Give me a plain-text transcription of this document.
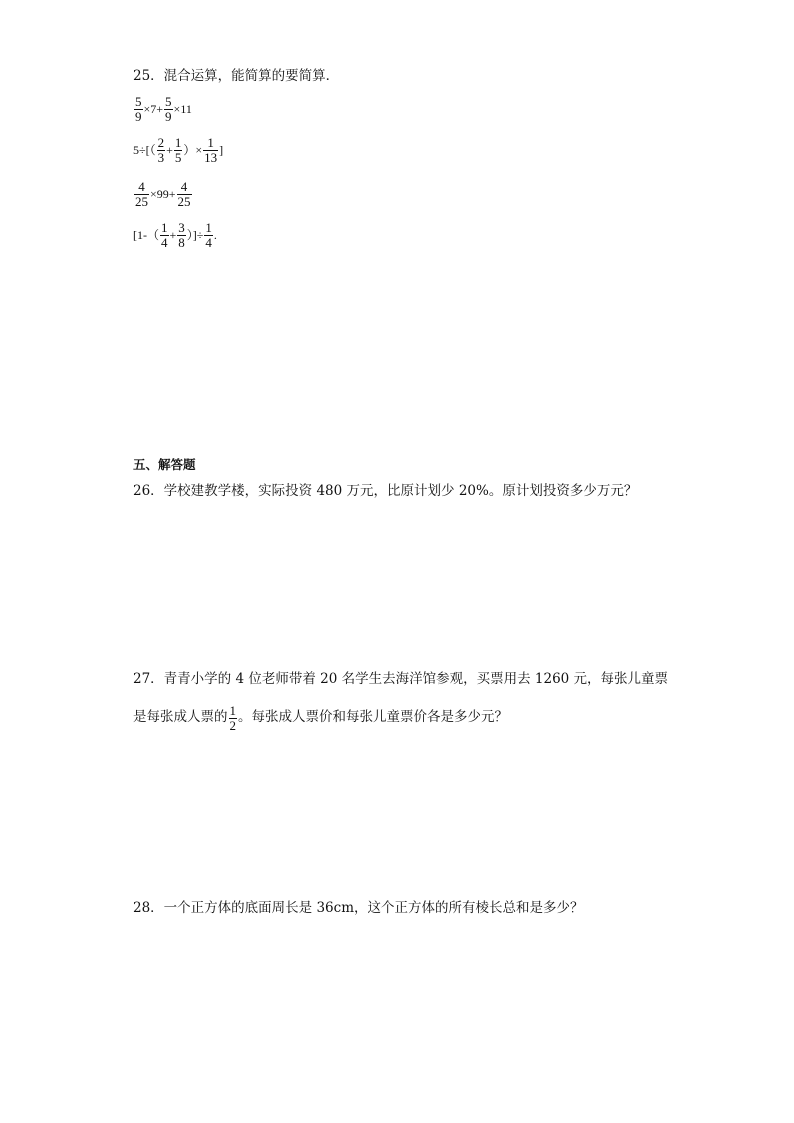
25．混合运算，能简算的要简算．
$\frac{5}{9} \times 7+ \frac{5}{9} \times 11$
$5\div[( \frac{2}{3} + \frac{1}{5}$ ）× $\frac{1}{13}$ ]
$\frac{4}{25} \times 99+ \frac{4}{25}$
[$1-( \frac{1}{4} + \frac{3}{8}$ ）]÷ $\frac{1}{4}$ .
五、解答题
26．学校建教学楼，实际投资 480 万元，比原计划少 20%。原计划投资多少万元？
27．青青小学的 4 位老师带着 20 名学生去海洋馆参观，买票用去 1260 元，每张儿童票
是每张成人票的 $\frac{1}{2}$ 。每张成人票价和每张儿童票价各是多少元？
28．一个正方体的底面周长是 36cm，这个正方体的所有棱长总和是多少？
